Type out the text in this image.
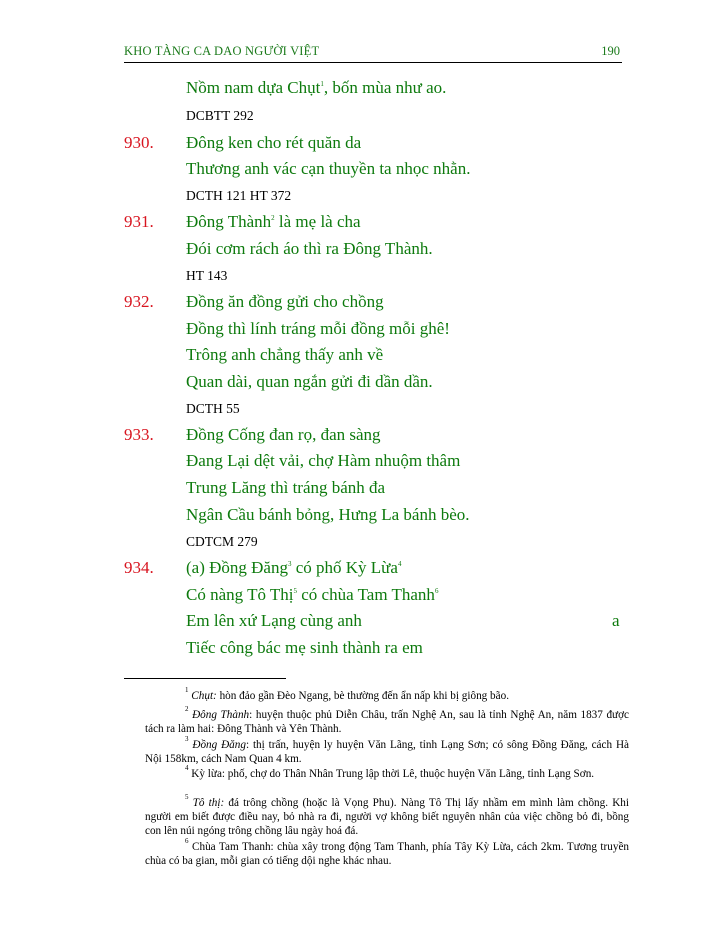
KHO TÀNG CA DAO NGƯỜI VIỆT	190
Nồm nam dựa Chụt$^1$, bốn mùa như ao.
DCBTT 292
930. Đông ken cho rét quăn da
Thương anh vác cạn thuyền ta nhọc nhằn.
DCTH 121 HT 372
931. Đông Thành$^2$ là mẹ là cha
Đói cơm rách áo thì ra Đông Thành.
HT 143
932. Đồng ăn đồng gửi cho chồng
Đồng thì lính tráng mỗi đồng mỗi ghê!
Trông anh chẳng thấy anh về
Quan dài, quan ngắn gửi đi dần dần.
DCTH 55
933. Đồng Cống đan rọ, đan sàng
Đang Lại dệt vải, chợ Hàm nhuộm thâm
Trung Lăng thì tráng bánh đa
Ngân Cầu bánh bỏng, Hưng La bánh bèo.
CDTCM 279
934. (a) Đồng Đăng$^3$ có phố Kỳ Lừa$^4$
Có nàng Tô Thị$^5$ có chùa Tam Thanh$^6$
Em lên xứ Lạng cùng anh	a
Tiếc công bác mẹ sinh thành ra em
$^1$ Chụt: hòn đảo gần Đèo Ngang, bè thường đến ẩn nấp khi bị giông bão.
$^2$ Đông Thành: huyện thuộc phủ Diễn Châu, trấn Nghệ An, sau là tỉnh Nghệ An, năm 1837 được tách ra làm hai: Đông Thành và Yên Thành.
$^3$ Đồng Đăng: thị trấn, huyện ly huyện Văn Lãng, tỉnh Lạng Sơn; có sông Đồng Đăng, cách Hà Nội 158km, cách Nam Quan 4 km.
$^4$ Kỳ lừa: phố, chợ do Thân Nhân Trung lập thời Lê, thuộc huyện Văn Lãng, tỉnh Lạng Sơn.
$^5$ Tô thị: đá trông chồng (hoặc là Vọng Phu). Nàng Tô Thị lấy nhầm em mình làm chồng. Khi người em biết được điều nay, bỏ nhà ra đi, người vợ không biết nguyên nhân của việc chồng bỏ đi, bồng con lên núi ngóng trông chồng lâu ngày hoá đá.
$^6$ Chùa Tam Thanh: chùa xây trong động Tam Thanh, phía Tây Kỳ Lừa, cách 2km. Tương truyền chùa có ba gian, mỗi gian có tiếng dội nghe khác nhau.
